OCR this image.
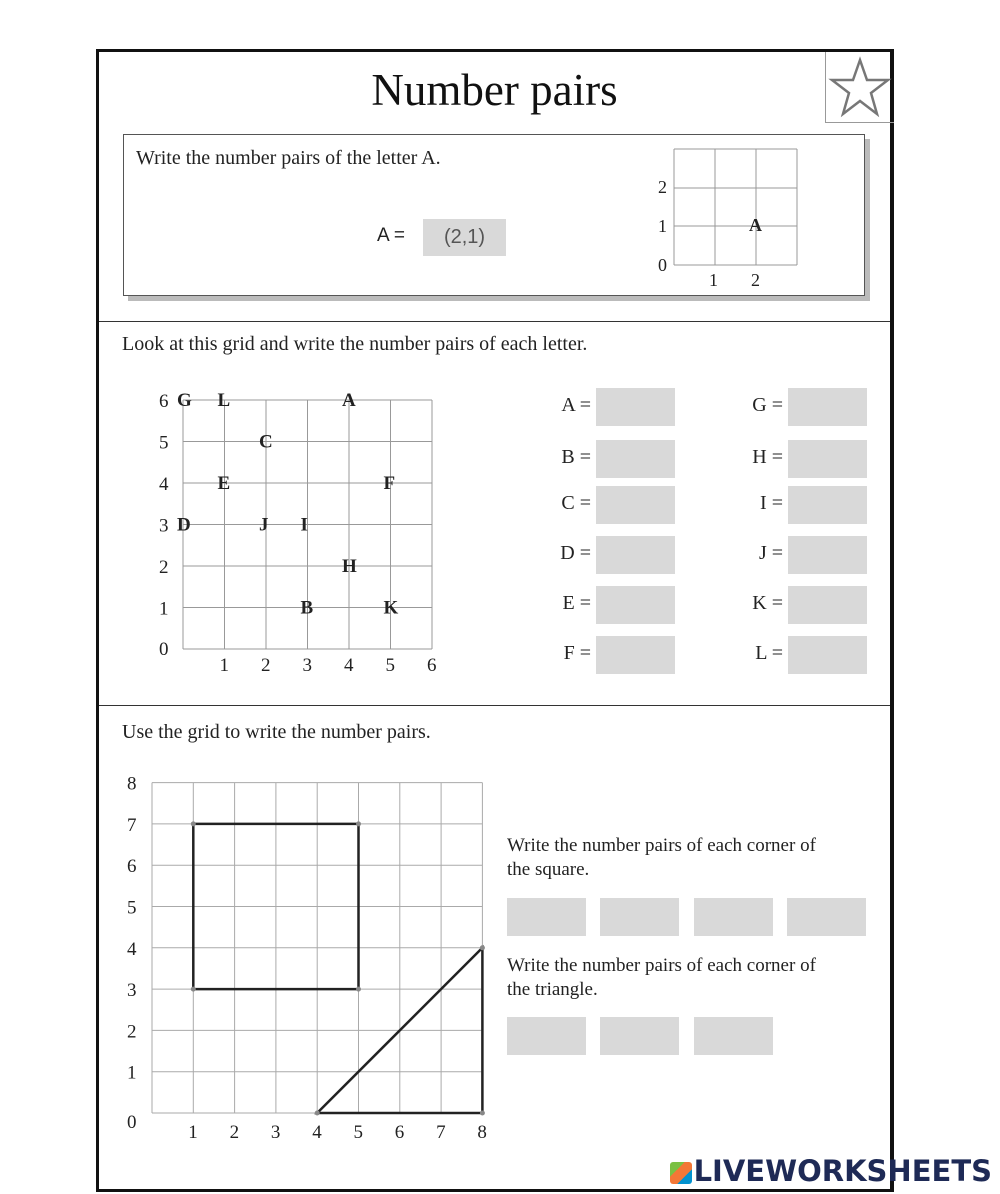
Number pairs
Write the number pairs of the letter A.
A =	(2,1)
0
1
2
1 2
A
Look at this grid and write the number pairs of each letter.
0
1
2
3
4
5
6
1 2 3 4 5 6
G L	A
C
E	F
D	J I
H
B	K
A =
B =
C =
D =
E =
F =
G =
H =
I =
J =
K =
L =
Use the grid to write the number pairs.
0
1
2
3
4
5
6
7
8
1 2 3 4 5 6 7 8
Write the number pairs of each corner of
the square.
Write the number pairs of each corner of
the triangle.
LIVEWORKSHEETS
